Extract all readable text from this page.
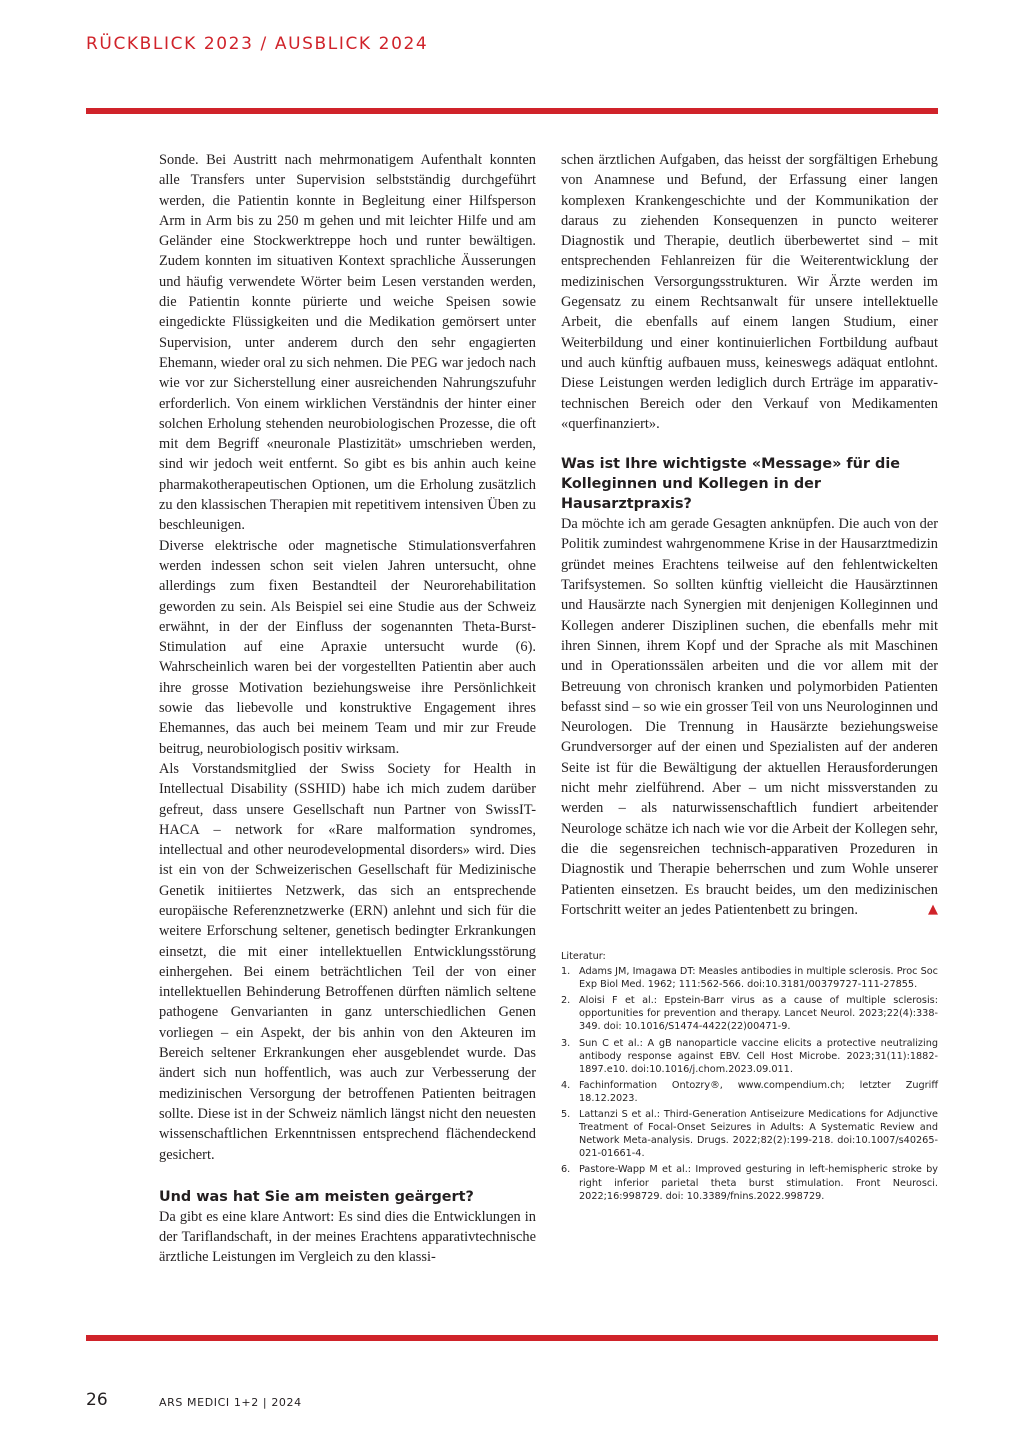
RÜCKBLICK 2023 / AUSBLICK 2024

Sonde. Bei Austritt nach mehrmonatigem Aufenthalt konnten alle Transfers unter Supervision selbstständig durchgeführt werden, die Patientin konnte in Begleitung einer Hilfsperson Arm in Arm bis zu 250 m gehen und mit leichter Hilfe und am Geländer eine Stockwerktreppe hoch und runter bewältigen. Zudem konnten im situativen Kontext sprachliche Äusserungen und häufig verwendete Wörter beim Lesen verstanden werden, die Patientin konnte pürierte und weiche Speisen sowie eingedickte Flüssigkeiten und die Medikation gemörsert unter Supervision, unter anderem durch den sehr engagierten Ehemann, wieder oral zu sich nehmen. Die PEG war jedoch nach wie vor zur Sicherstellung einer ausreichenden Nahrungszufuhr erforderlich. Von einem wirklichen Verständnis der hinter einer solchen Erholung stehenden neurobiologischen Prozesse, die oft mit dem Begriff «neuronale Plastizität» umschrieben werden, sind wir jedoch weit entfernt. So gibt es bis anhin auch keine pharmakotherapeutischen Optionen, um die Erholung zusätzlich zu den klassischen Therapien mit repetitivem intensiven Üben zu beschleunigen.

Diverse elektrische oder magnetische Stimulationsverfahren werden indessen schon seit vielen Jahren untersucht, ohne allerdings zum fixen Bestandteil der Neurorehabilitation geworden zu sein. Als Beispiel sei eine Studie aus der Schweiz erwähnt, in der der Einfluss der sogenannten Theta-Burst-Stimulation auf eine Apraxie untersucht wurde (6). Wahrscheinlich waren bei der vorgestellten Patientin aber auch ihre grosse Motivation beziehungsweise ihre Persönlichkeit sowie das liebevolle und konstruktive Engagement ihres Ehemannes, das auch bei meinem Team und mir zur Freude beitrug, neurobiologisch positiv wirksam.

Als Vorstandsmitglied der Swiss Society for Health in Intellectual Disability (SSHID) habe ich mich zudem darüber gefreut, dass unsere Gesellschaft nun Partner von SwissIT-HACA – network for «Rare malformation syndromes, intellectual and other neurodevelopmental disorders» wird. Dies ist ein von der Schweizerischen Gesellschaft für Medizinische Genetik initiiertes Netzwerk, das sich an entsprechende europäische Referenznetzwerke (ERN) anlehnt und sich für die weitere Erforschung seltener, genetisch bedingter Erkrankungen einsetzt, die mit einer intellektuellen Entwicklungsstörung einhergehen. Bei einem beträchtlichen Teil der von einer intellektuellen Behinderung Betroffenen dürften nämlich seltene pathogene Genvarianten in ganz unterschiedlichen Genen vorliegen – ein Aspekt, der bis anhin von den Akteuren im Bereich seltener Erkrankungen eher ausgeblendet wurde. Das ändert sich nun hoffentlich, was auch zur Verbesserung der medizinischen Versorgung der betroffenen Patienten beitragen sollte. Diese ist in der Schweiz nämlich längst nicht den neuesten wissenschaftlichen Erkenntnissen entsprechend flächendeckend gesichert.

Und was hat Sie am meisten geärgert?

Da gibt es eine klare Antwort: Es sind dies die Entwicklungen in der Tariflandschaft, in der meines Erachtens apparativtechnische ärztliche Leistungen im Vergleich zu den klassi-

schen ärztlichen Aufgaben, das heisst der sorgfältigen Erhebung von Anamnese und Befund, der Erfassung einer langen komplexen Krankengeschichte und der Kommunikation der daraus zu ziehenden Konsequenzen in puncto weiterer Diagnostik und Therapie, deutlich überbewertet sind – mit entsprechenden Fehlanreizen für die Weiterentwicklung der medizinischen Versorgungsstrukturen. Wir Ärzte werden im Gegensatz zu einem Rechtsanwalt für unsere intellektuelle Arbeit, die ebenfalls auf einem langen Studium, einer Weiterbildung und einer kontinuierlichen Fortbildung aufbaut und auch künftig aufbauen muss, keineswegs adäquat entlohnt. Diese Leistungen werden lediglich durch Erträge im apparativ-technischen Bereich oder den Verkauf von Medikamenten «querfinanziert».

Was ist Ihre wichtigste «Message» für die Kolleginnen und Kollegen in der Hausarztpraxis?

Da möchte ich am gerade Gesagten anknüpfen. Die auch von der Politik zumindest wahrgenommene Krise in der Hausarztmedizin gründet meines Erachtens teilweise auf den fehlentwickelten Tarifsystemen. So sollten künftig vielleicht die Hausärztinnen und Hausärzte nach Synergien mit denjenigen Kolleginnen und Kollegen anderer Disziplinen suchen, die ebenfalls mehr mit ihren Sinnen, ihrem Kopf und der Sprache als mit Maschinen und in Operationssälen arbeiten und die vor allem mit der Betreuung von chronisch kranken und polymorbiden Patienten befasst sind – so wie ein grosser Teil von uns Neurologinnen und Neurologen. Die Trennung in Hausärzte beziehungsweise Grundversorger auf der einen und Spezialisten auf der anderen Seite ist für die Bewältigung der aktuellen Herausforderungen nicht mehr zielführend. Aber – um nicht missverstanden zu werden – als naturwissenschaftlich fundiert arbeitender Neurologe schätze ich nach wie vor die Arbeit der Kollegen sehr, die die segensreichen technisch-apparativen Prozeduren in Diagnostik und Therapie beherrschen und zum Wohle unserer Patienten einsetzen. Es braucht beides, um den medizinischen Fortschritt weiter an jedes Patientenbett zu bringen.	▲

Literatur:

1. Adams JM, Imagawa DT: Measles antibodies in multiple sclerosis. Proc Soc Exp Biol Med. 1962; 111:562-566. doi:10.3181/00379727-111-27855.
2. Aloisi F et al.: Epstein-Barr virus as a cause of multiple sclerosis: opportunities for prevention and therapy. Lancet Neurol. 2023;22(4):338-349. doi: 10.1016/S1474-4422(22)00471-9.
3. Sun C et al.: A gB nanoparticle vaccine elicits a protective neutralizing antibody response against EBV. Cell Host Microbe. 2023;31(11):1882-1897.e10. doi:10.1016/j.chom.2023.09.011.
4. Fachinformation Ontozry®, www.compendium.ch; letzter Zugriff 18.12.2023.
5. Lattanzi S et al.: Third-Generation Antiseizure Medications for Adjunctive Treatment of Focal-Onset Seizures in Adults: A Systematic Review and Network Meta-analysis. Drugs. 2022;82(2):199-218. doi:10.1007/s40265-021-01661-4.
6. Pastore-Wapp M et al.: Improved gesturing in left-hemispheric stroke by right inferior parietal theta burst stimulation. Front Neurosci. 2022;16:998729. doi: 10.3389/fnins.2022.998729.
26	ARS MEDICI 1+2 | 2024
